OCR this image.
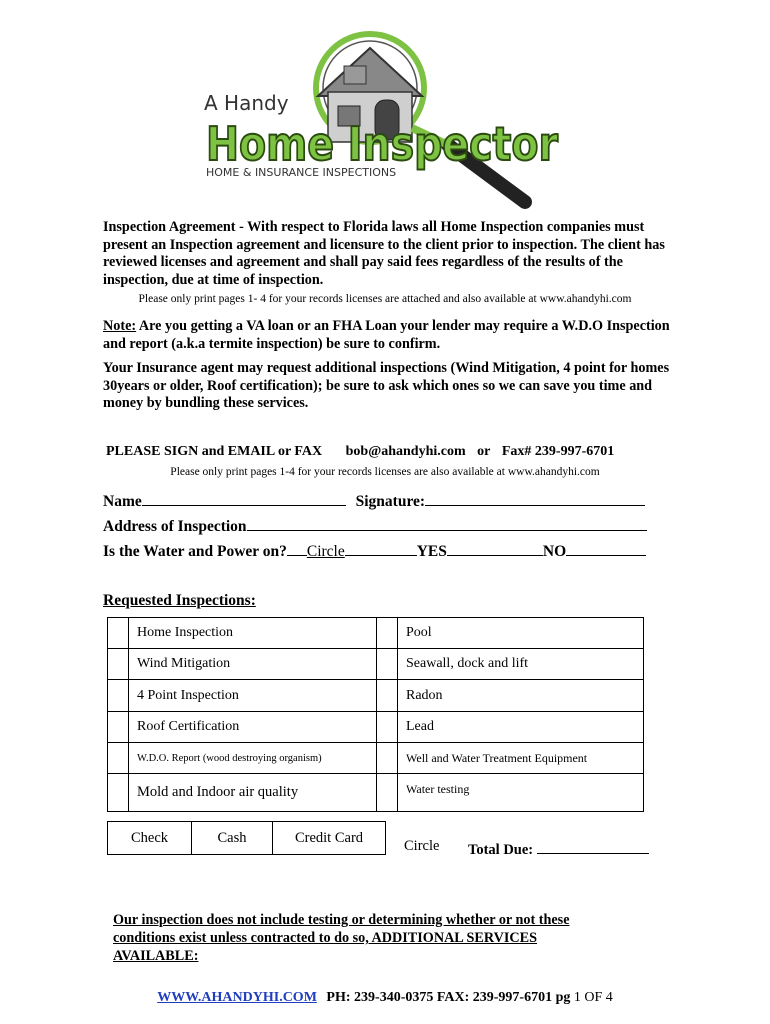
A Handy
Home Inspector
HOME & INSURANCE INSPECTIONS
Inspection Agreement - With respect to Florida laws all Home Inspection companies must present an Inspection agreement and licensure to the client prior to inspection. The client has reviewed licenses and agreement and shall pay said fees regardless of the results of the inspection, due at time of inspection.
Please only print pages 1- 4 for your records licenses are attached and also available at www.ahandyhi.com
Note: Are you getting a VA loan or an FHA Loan your lender may require a W.D.O Inspection and report (a.k.a termite inspection) be sure to confirm.
Your Insurance agent may request additional inspections (Wind Mitigation, 4 point for homes 30years or older, Roof certification); be sure to ask which ones so we can save you time and money by bundling these services.
PLEASE SIGN and EMAIL or FAX bob@ahandyhi.com or Fax# 239-997-6701
Please only print pages 1-4 for your records licenses are also available at www.ahandyhi.com
Name	Signature:
Address of Inspection
Is the Water and Power on? Circle	YES	NO
Requested Inspections:
	Home Inspection		Pool
	Wind Mitigation		Seawall, dock and lift
	4 Point Inspection		Radon
	Roof Certification		Lead
	W.D.O. Report (wood destroying organism)		Well and Water Treatment Equipment
	Mold and Indoor air quality		Water testing
Check	Cash	Credit Card
Circle Total Due:
Our inspection does not include testing or determining whether or not these conditions exist unless contracted to do so, ADDITIONAL SERVICES AVAILABLE:
WWW.AHANDYHI.COM PH: 239-340-0375 FAX: 239-997-6701 pg 1 OF 4
